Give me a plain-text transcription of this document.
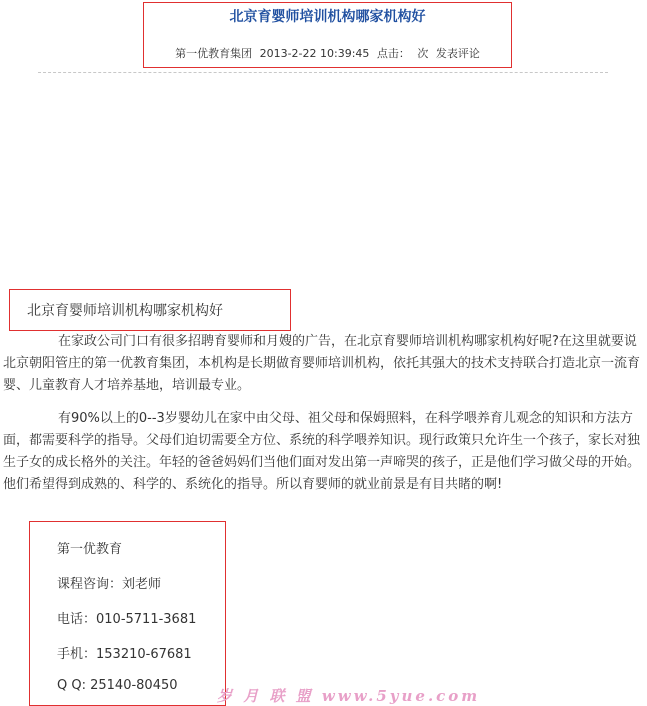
北京育婴师培训机构哪家机构好
第一优教育集团 2013-2-22 10:39:45 点击： 次 发表评论
北京育婴师培训机构哪家机构好

在家政公司门口有很多招聘育婴师和月嫂的广告，在北京育婴师培训机构哪家机构好呢?在这里就要说北京朝阳管庄的第一优教育集团，本机构是长期做育婴师培训机构，依托其强大的技术支持联合打造北京一流育婴、儿童教育人才培养基地，培训最专业。

有90%以上的0--3岁婴幼儿在家中由父母、祖父母和保姆照料，在科学喂养育儿观念的知识和方法方面，都需要科学的指导。父母们迫切需要全方位、系统的科学喂养知识。现行政策只允许生一个孩子，家长对独生子女的成长格外的关注。年轻的爸爸妈妈们当他们面对发出第一声啼哭的孩子，正是他们学习做父母的开始。他们希望得到成熟的、科学的、系统化的指导。所以育婴师的就业前景是有目共睹的啊!

第一优教育
课程咨询：刘老师
电话：010-5711-3681
手机：153210-67681
Q Q: 25140-80450
岁 月 联 盟 www.5yue.com
